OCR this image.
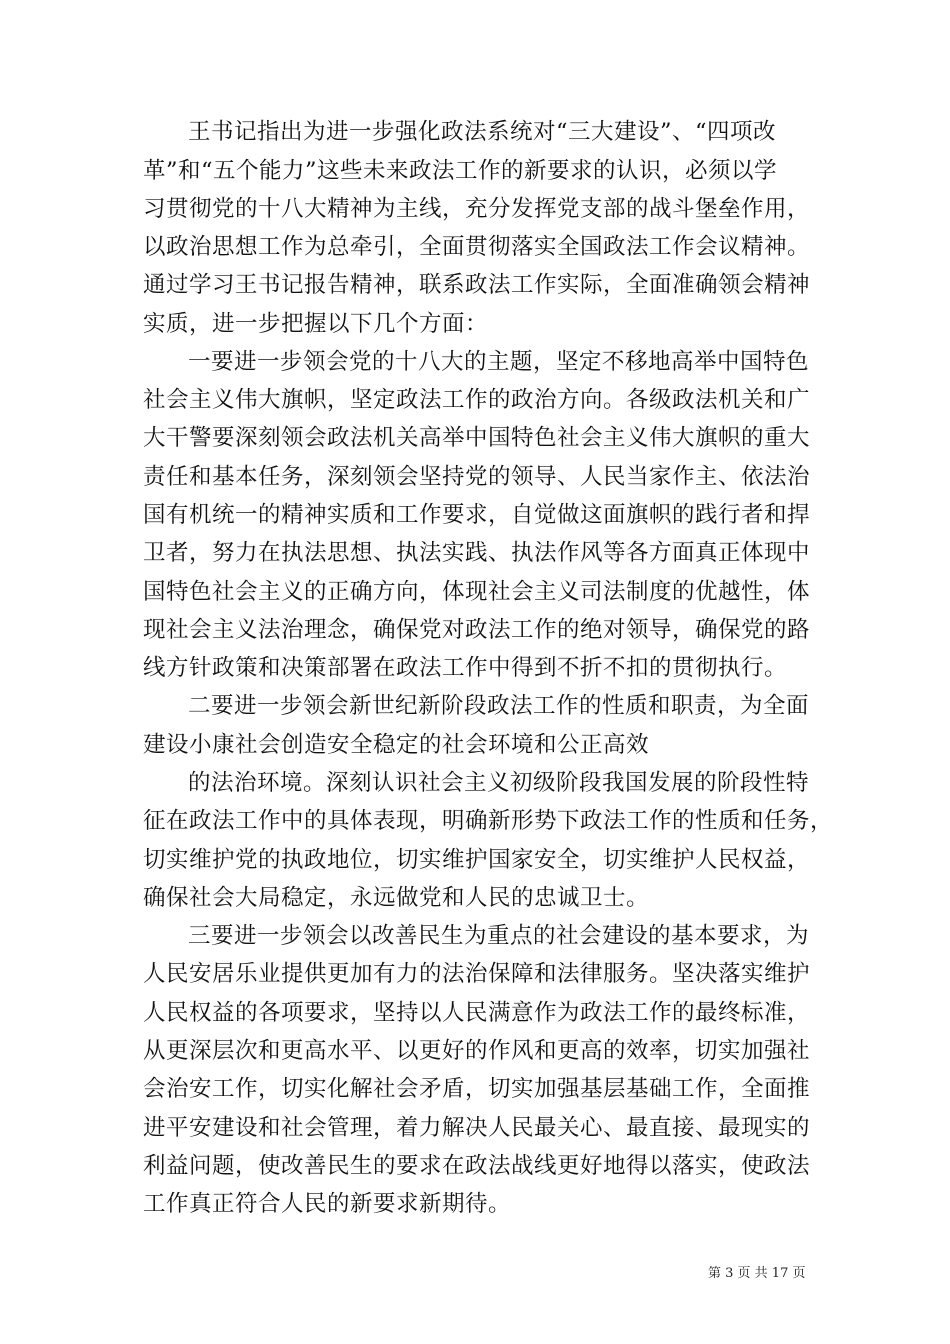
王书记指出为进一步强化政法系统对“三大建设”、“四项改
革”和“五个能力”这些未来政法工作的新要求的认识，必须以学
习贯彻党的十八大精神为主线，充分发挥党支部的战斗堡垒作用，
以政治思想工作为总牵引，全面贯彻落实全国政法工作会议精神。
通过学习王书记报告精神，联系政法工作实际，全面准确领会精神
实质，进一步把握以下几个方面：
一要进一步领会党的十八大的主题，坚定不移地高举中国特色
社会主义伟大旗帜，坚定政法工作的政治方向。各级政法机关和广
大干警要深刻领会政法机关高举中国特色社会主义伟大旗帜的重大
责任和基本任务，深刻领会坚持党的领导、人民当家作主、依法治
国有机统一的精神实质和工作要求，自觉做这面旗帜的践行者和捍
卫者，努力在执法思想、执法实践、执法作风等各方面真正体现中
国特色社会主义的正确方向，体现社会主义司法制度的优越性，体
现社会主义法治理念，确保党对政法工作的绝对领导，确保党的路
线方针政策和决策部署在政法工作中得到不折不扣的贯彻执行。
二要进一步领会新世纪新阶段政法工作的性质和职责，为全面
建设小康社会创造安全稳定的社会环境和公正高效
的法治环境。深刻认识社会主义初级阶段我国发展的阶段性特
征在政法工作中的具体表现，明确新形势下政法工作的性质和任务，
切实维护党的执政地位，切实维护国家安全，切实维护人民权益，
确保社会大局稳定，永远做党和人民的忠诚卫士。
三要进一步领会以改善民生为重点的社会建设的基本要求，为
人民安居乐业提供更加有力的法治保障和法律服务。坚决落实维护
人民权益的各项要求，坚持以人民满意作为政法工作的最终标准，
从更深层次和更高水平、以更好的作风和更高的效率，切实加强社
会治安工作，切实化解社会矛盾，切实加强基层基础工作，全面推
进平安建设和社会管理，着力解决人民最关心、最直接、最现实的
利益问题，使改善民生的要求在政法战线更好地得以落实，使政法
工作真正符合人民的新要求新期待。
第 3 页 共 17 页
